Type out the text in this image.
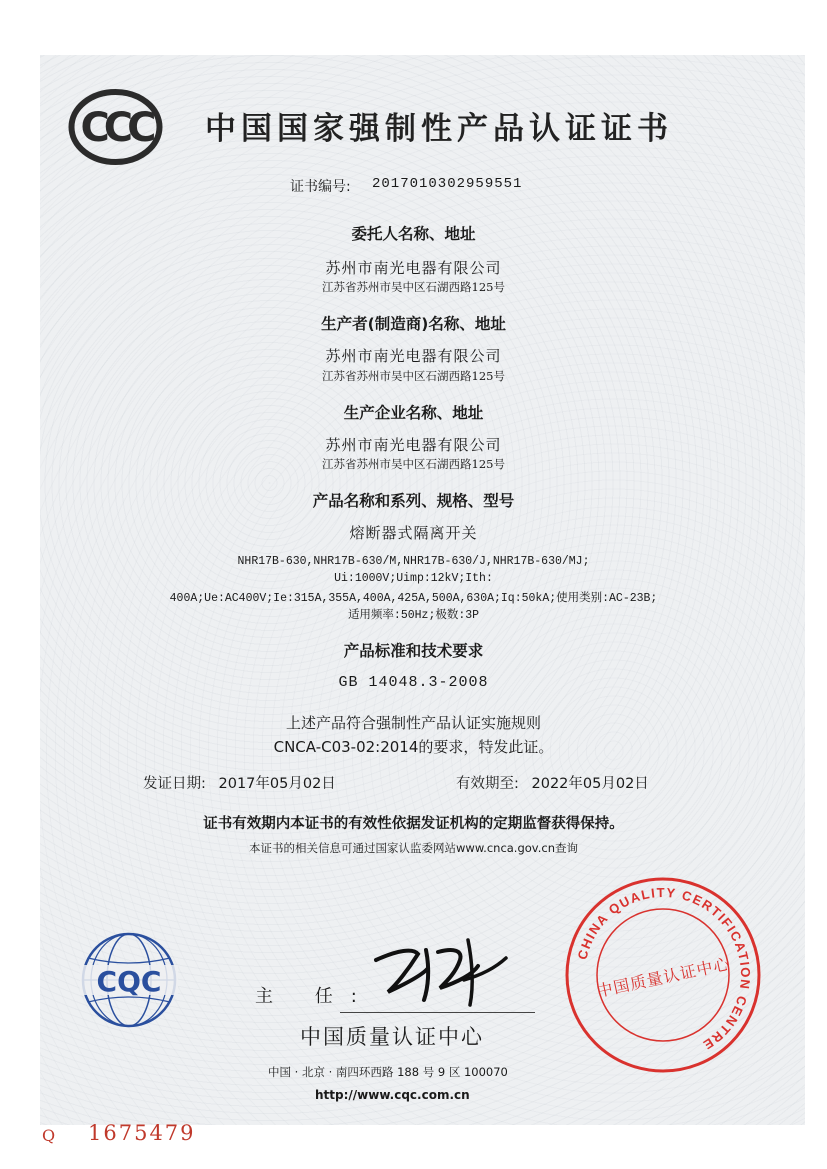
CCC 中国国家强制性产品认证证书
证书编号: 2017010302959551
委托人名称、地址
苏州市南光电器有限公司
江苏省苏州市吴中区石湖西路125号
生产者(制造商)名称、地址
苏州市南光电器有限公司
江苏省苏州市吴中区石湖西路125号
生产企业名称、地址
苏州市南光电器有限公司
江苏省苏州市吴中区石湖西路125号
产品名称和系列、规格、型号
熔断器式隔离开关
NHR17B-630,NHR17B-630/M,NHR17B-630/J,NHR17B-630/MJ;
Ui:1000V;Uimp:12kV;Ith:
400A;Ue:AC400V;Ie:315A,355A,400A,425A,500A,630A;Iq:50kA;使用类别:AC-23B;
适用频率:50Hz;极数:3P
产品标准和技术要求
GB 14048.3-2008
上述产品符合强制性产品认证实施规则
CNCA-C03-02:2014的要求，特发此证。
发证日期: 2017年05月02日	有效期至: 2022年05月02日
证书有效期内本证书的有效性依据发证机构的定期监督获得保持。
本证书的相关信息可通过国家认监委网站www.cnca.gov.cn查询
CQC	主 任:
中国质量认证中心
中国 · 北京 · 南四环西路 188 号 9 区 100070
http://www.cqc.com.cn
CHINA QUALITY CERTIFICATION CENTRE
中国质量认证中心
Q 1675479
